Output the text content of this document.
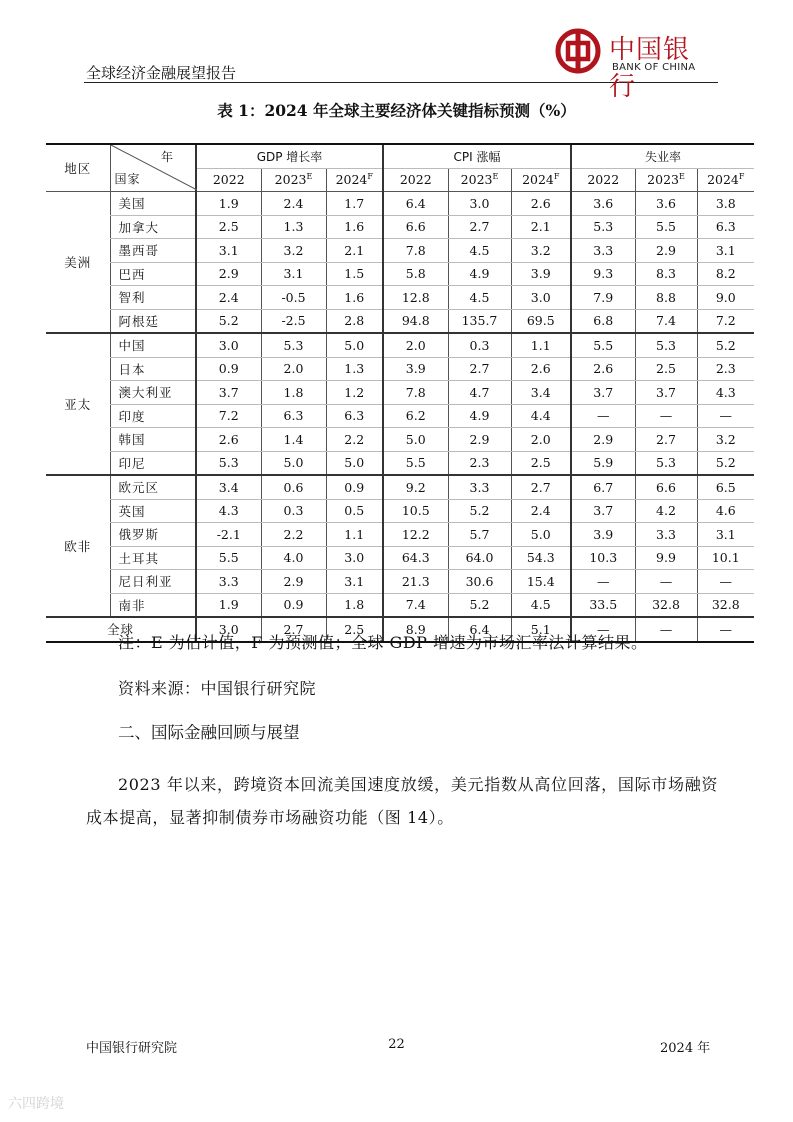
全球经济金融展望报告
中国银行
BANK OF CHINA
表 1：2024 年全球主要经济体关键指标预测（%）
地区	年
国家	GDP 增长率			CPI 涨幅			失业率		
		2022	$2023^E$	$2024^F$	2022	$2023^E$	$2024^F$	2022	$2023^E$	$2024^F$
美洲	美国	1.9	2.4	1.7	6.4	3.0	2.6	3.6	3.6	3.8
	加拿大	2.5	1.3	1.6	6.6	2.7	2.1	5.3	5.5	6.3
	墨西哥	3.1	3.2	2.1	7.8	4.5	3.2	3.3	2.9	3.1
	巴西	2.9	3.1	1.5	5.8	4.9	3.9	9.3	8.3	8.2
	智利	2.4	-0.5	1.6	12.8	4.5	3.0	7.9	8.8	9.0
	阿根廷	5.2	-2.5	2.8	94.8	135.7	69.5	6.8	7.4	7.2
亚太	中国	3.0	5.3	5.0	2.0	0.3	1.1	5.5	5.3	5.2
	日本	0.9	2.0	1.3	3.9	2.7	2.6	2.6	2.5	2.3
	澳大利亚	3.7	1.8	1.2	7.8	4.7	3.4	3.7	3.7	4.3
	印度	7.2	6.3	6.3	6.2	4.9	4.4	—	—	—
	韩国	2.6	1.4	2.2	5.0	2.9	2.0	2.9	2.7	3.2
	印尼	5.3	5.0	5.0	5.5	2.3	2.5	5.9	5.3	5.2
欧非	欧元区	3.4	0.6	0.9	9.2	3.3	2.7	6.7	6.6	6.5
	英国	4.3	0.3	0.5	10.5	5.2	2.4	3.7	4.2	4.6
	俄罗斯	-2.1	2.2	1.1	12.2	5.7	5.0	3.9	3.3	3.1
	土耳其	5.5	4.0	3.0	64.3	64.0	54.3	10.3	9.9	10.1
	尼日利亚	3.3	2.9	3.1	21.3	30.6	15.4	—	—	—
	南非	1.9	0.9	1.8	7.4	5.2	4.5	33.5	32.8	32.8
全球		3.0	2.7	2.5	8.9	6.4	5.1	—	—	—
注：E 为估计值，F 为预测值；全球 GDP 增速为市场汇率法计算结果。
资料来源：中国银行研究院
二、国际金融回顾与展望
2023 年以来，跨境资本回流美国速度放缓，美元指数从高位回落，国际市场融资成本提高，显著抑制债券市场融资功能（图 14）。
中国银行研究院	22	2024 年
六四跨境
